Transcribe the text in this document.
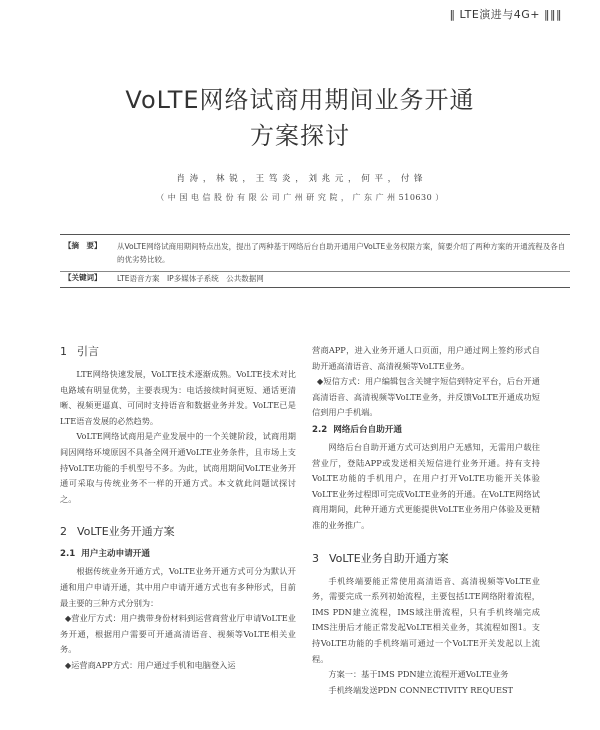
‖ LTE演进与4G+ ‖‖‖
VoLTE网络试商用期间业务开通
方案探讨
肖 涛 ， 林 锐 ， 王 笃 炎 ， 刘 兆 元 ， 何 平 ， 付 锋
（ 中 国 电 信 股 份 有 限 公 司 广 州 研 究 院 ， 广 东 广 州 510630 ）
【摘　要】 从VoLTE网络试商用期间特点出发，提出了两种基于网络后台自助开通用户VoLTE业务权限方案，简要介绍了两种方案的开通流程及各自的优劣势比较。
【关键词】 LTE语音方案　IP多媒体子系统　公共数据网
1 引言

LTE网络快速发展，VoLTE技术逐渐成熟。VoLTE技术对比电路域有明显优势，主要表现为：电话接续时间更短、通话更清晰、视频更逼真、可同时支持语音和数据业务并发。VoLTE已是LTE语音发展的必然趋势。

VoLTE网络试商用是产业发展中的一个关键阶段，试商用期间因网络环境原因不具备全网开通VoLTE业务条件，且市场上支持VoLTE功能的手机型号不多。为此，试商用期间VoLTE业务开通可采取与传统业务不一样的开通方式。本文就此问题试探讨之。

2 VoLTE业务开通方案
2.1 用户主动申请开通

根据传统业务开通方式，VoLTE业务开通方式可分为默认开通和用户申请开通，其中用户申请开通方式也有多种形式，目前最主要的三种方式分别为：

◆营业厅方式：用户携带身份材料到运营商营业厅申请VoLTE业务开通，根据用户需要可开通高清语音、视频等VoLTE相关业务。

◆运营商APP方式：用户通过手机和电脑登入运

营商APP，进入业务开通人口页面，用户通过网上签约形式自助开通高清语音、高清视频等VoLTE业务。

◆短信方式：用户编辑包含关键字短信到特定平台，后台开通高清语音、高清视频等VoLTE业务，并反馈VoLTE开通成功短信到用户手机端。

2.2 网络后台自助开通

网络后台自助开通方式可达到用户无感知，无需用户载往营业厅，登陆APP或发送相关短信进行业务开通。持有支持VoLTE功能的手机用户，在用户打开VoLTE功能开关体验VoLTE业务过程即可完成VoLTE业务的开通。在VoLTE网络试商用期间，此种开通方式更能提供VoLTE业务用户体验及更精准的业务推广。

3 VoLTE业务自助开通方案

手机终端要能正常使用高清语音、高清视频等VoLTE业务，需要完成一系列初始流程，主要包括LTE网络附着流程，IMS PDN建立流程，IMS域注册流程，只有手机终端完成IMS注册后才能正常发起VoLTE相关业务，其流程如图1。支持VoLTE功能的手机终端可通过一个VoLTE开关发起以上流程。

方案一：基于IMS PDN建立流程开通VoLTE业务

手机终端发送PDN CONNECTIVITY REQUEST
